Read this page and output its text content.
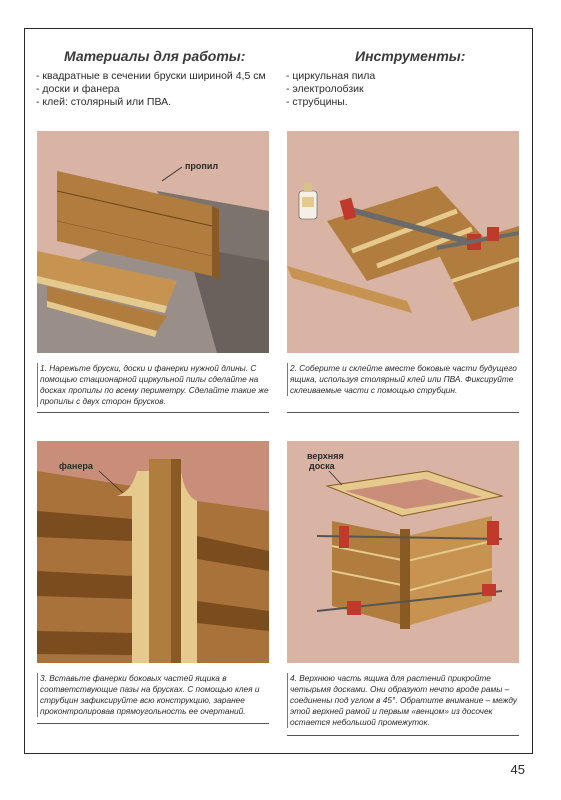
Материалы для работы:
- квадратные в сечении бруски шириной 4,5 см
- доски и фанера
- клей: столярный или ПВА.
Инструменты:
- циркульная пила
- электролобзик
- струбцины.
пропил
1. Нарежьте бруски, доски и фанерки нужной длины. С помощью стационарной циркульной пилы сделайте на досках пропилы по всему периметру. Сделайте такие же пропилы с двух сторон брусков.
2. Соберите и склейте вместе боковые части будущего ящика, используя столярный клей или ПВА. Фиксируйте склеиваемые части с помощью струбцин.
фанера
3. Вставьте фанерки боковых частей ящика в соответствующие пазы на брусках. С помощью клея и струбцин зафиксируйте всю конструкцию, заранее проконтролировав прямоугольность ее очертаний.
верхняя
доска
4. Верхнюю часть ящика для растений прикройте четырьмя досками. Они образуют нечто вроде рамы – соединены под углом в 45°. Обратите внимание – между этой верхней рамой и первым «венцом» из досочек остается небольшой промежуток.
45
